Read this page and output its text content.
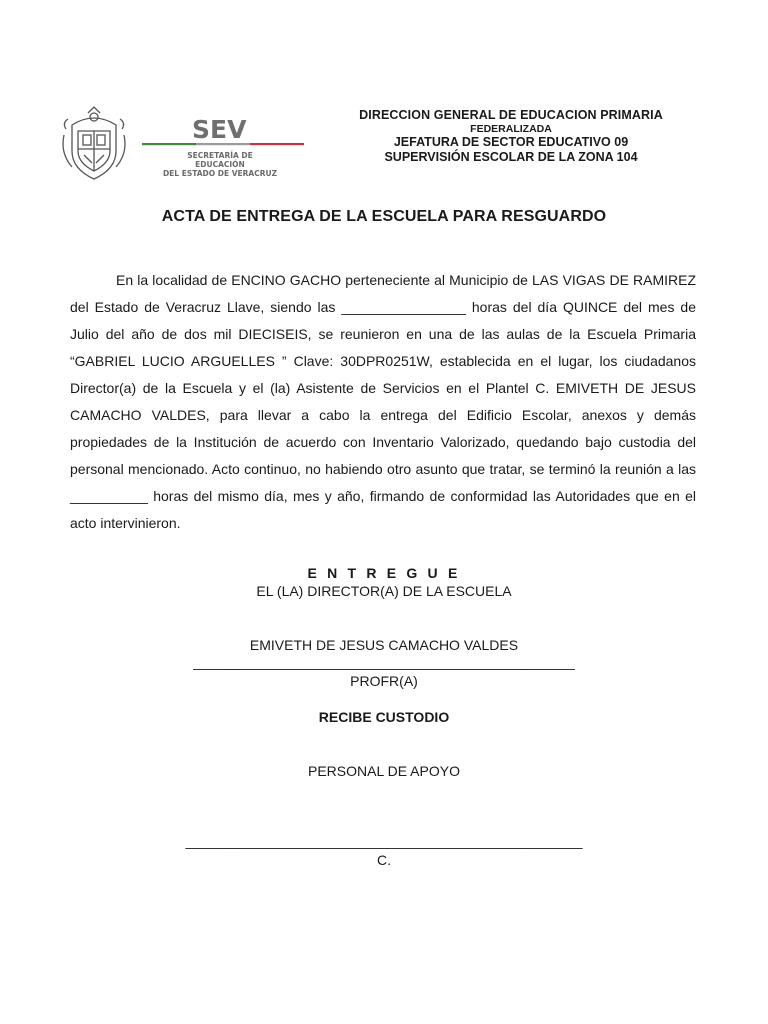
SEV
SECRETARÍA DE EDUCACIÓN
DEL ESTADO DE VERACRUZ
DIRECCION GENERAL DE EDUCACION PRIMARIA
FEDERALIZADA
JEFATURA DE SECTOR EDUCATIVO 09
SUPERVISIÓN ESCOLAR DE LA ZONA 104
ACTA DE ENTREGA DE LA ESCUELA PARA RESGUARDO
En la localidad de ENCINO GACHO perteneciente al Municipio de LAS VIGAS DE RAMIREZ del Estado de Veracruz Llave, siendo las ________________ horas del día QUINCE del mes de Julio del año de dos mil DIECISEIS, se reunieron en una de las aulas de la Escuela Primaria “GABRIEL LUCIO ARGUELLES ” Clave: 30DPR0251W, establecida en el lugar, los ciudadanos Director(a) de la Escuela y el (la) Asistente de Servicios en el Plantel C. EMIVETH DE JESUS CAMACHO VALDES, para llevar a cabo la entrega del Edificio Escolar, anexos y demás propiedades de la Institución de acuerdo con Inventario Valorizado, quedando bajo custodia del personal mencionado. Acto continuo, no habiendo otro asunto que tratar, se terminó la reunión a las __________ horas del mismo día, mes y año, firmando de conformidad las Autoridades que en el acto intervinieron.
E N T R E G U E
EL (LA) DIRECTOR(A) DE LA ESCUELA
EMIVETH DE JESUS CAMACHO VALDES
_________________________________________________
PROFR(A)
RECIBE CUSTODIO
PERSONAL DE APOYO
___________________________________________________
C.
